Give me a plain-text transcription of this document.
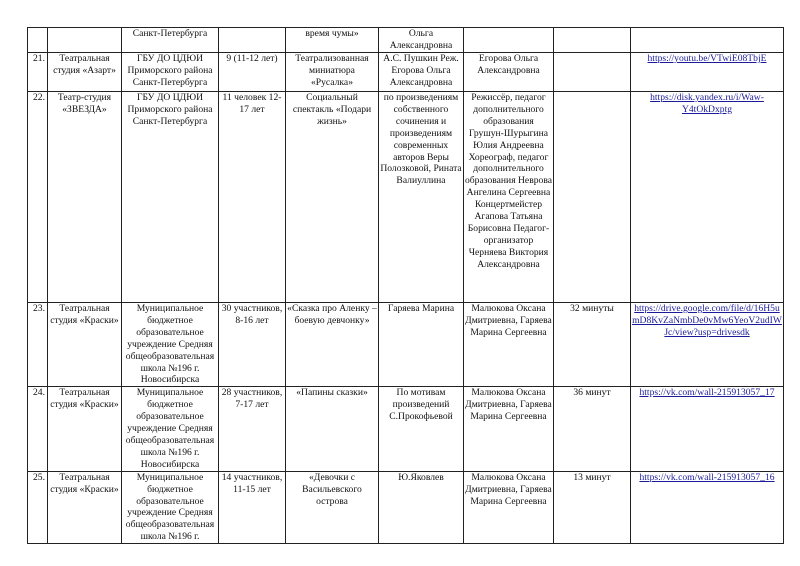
		Санкт-Петербурга		время чумы»	Ольга Александровна			
21.	Театральная студия «Азарт»	ГБУ ДО ЦДЮИ Приморского района Санкт-Петербурга	9 (11-12 лет)	Театрализованная миниатюра «Русалка»	А.С. Пушкин Реж. Егорова Ольга Александровна	Егорова Ольга Александровна		https://youtu.be/VTwiE08TbjE
22.	Театр-студия «ЗВЕЗДА»	ГБУ ДО ЦДЮИ Приморского района Санкт-Петербурга	11 человек 12-17 лет	Социальный спектакль «Подари жизнь»	по произведениям собственного сочинения и произведениям современных авторов Веры Полозковой, Рината Валиуллина	Режиссёр, педагог дополнительного образования Грушун-Шурыгина Юлия Андреевна Хореограф, педагог дополнительного образования Неврова Ангелина Сергеевна Концертмейстер Агапова Татьяна Борисовна Педагог-организатор Черняева Виктория Александровна		https://disk.yandex.ru/i/Waw-Y4tOkDxptg
23.	Театральная студия «Краски»	Муниципальное бюджетное образовательное учреждение Средняя общеобразовательная школа №196 г. Новосибирска	30 участников, 8-16 лет	«Сказка про Аленку – боевую девчонку»	Гаряева Марина	Малюкова Оксана Дмитриевна, Гаряева Марина Сергеевна	32 минуты	https://drive.google.com/file/d/16H5umD8KvZaNmbDe0vMw6YeoV2udIWJc/view?usp=drivesdk
24.	Театральная студия «Краски»	Муниципальное бюджетное образовательное учреждение Средняя общеобразовательная школа №196 г. Новосибирска	28 участников, 7-17 лет	«Папины сказки»	По мотивам произведений С.Прокофьевой	Малюкова Оксана Дмитриевна, Гаряева Марина Сергеевна	36 минут	https://vk.com/wall-215913057_17
25.	Театральная студия «Краски»	Муниципальное бюджетное образовательное учреждение Средняя общеобразовательная школа №196 г.	14 участников, 11-15 лет	«Девочки с Васильевского острова	Ю.Яковлев	Малюкова Оксана Дмитриевна, Гаряева Марина Сергеевна	13 минут	https://vk.com/wall-215913057_16
